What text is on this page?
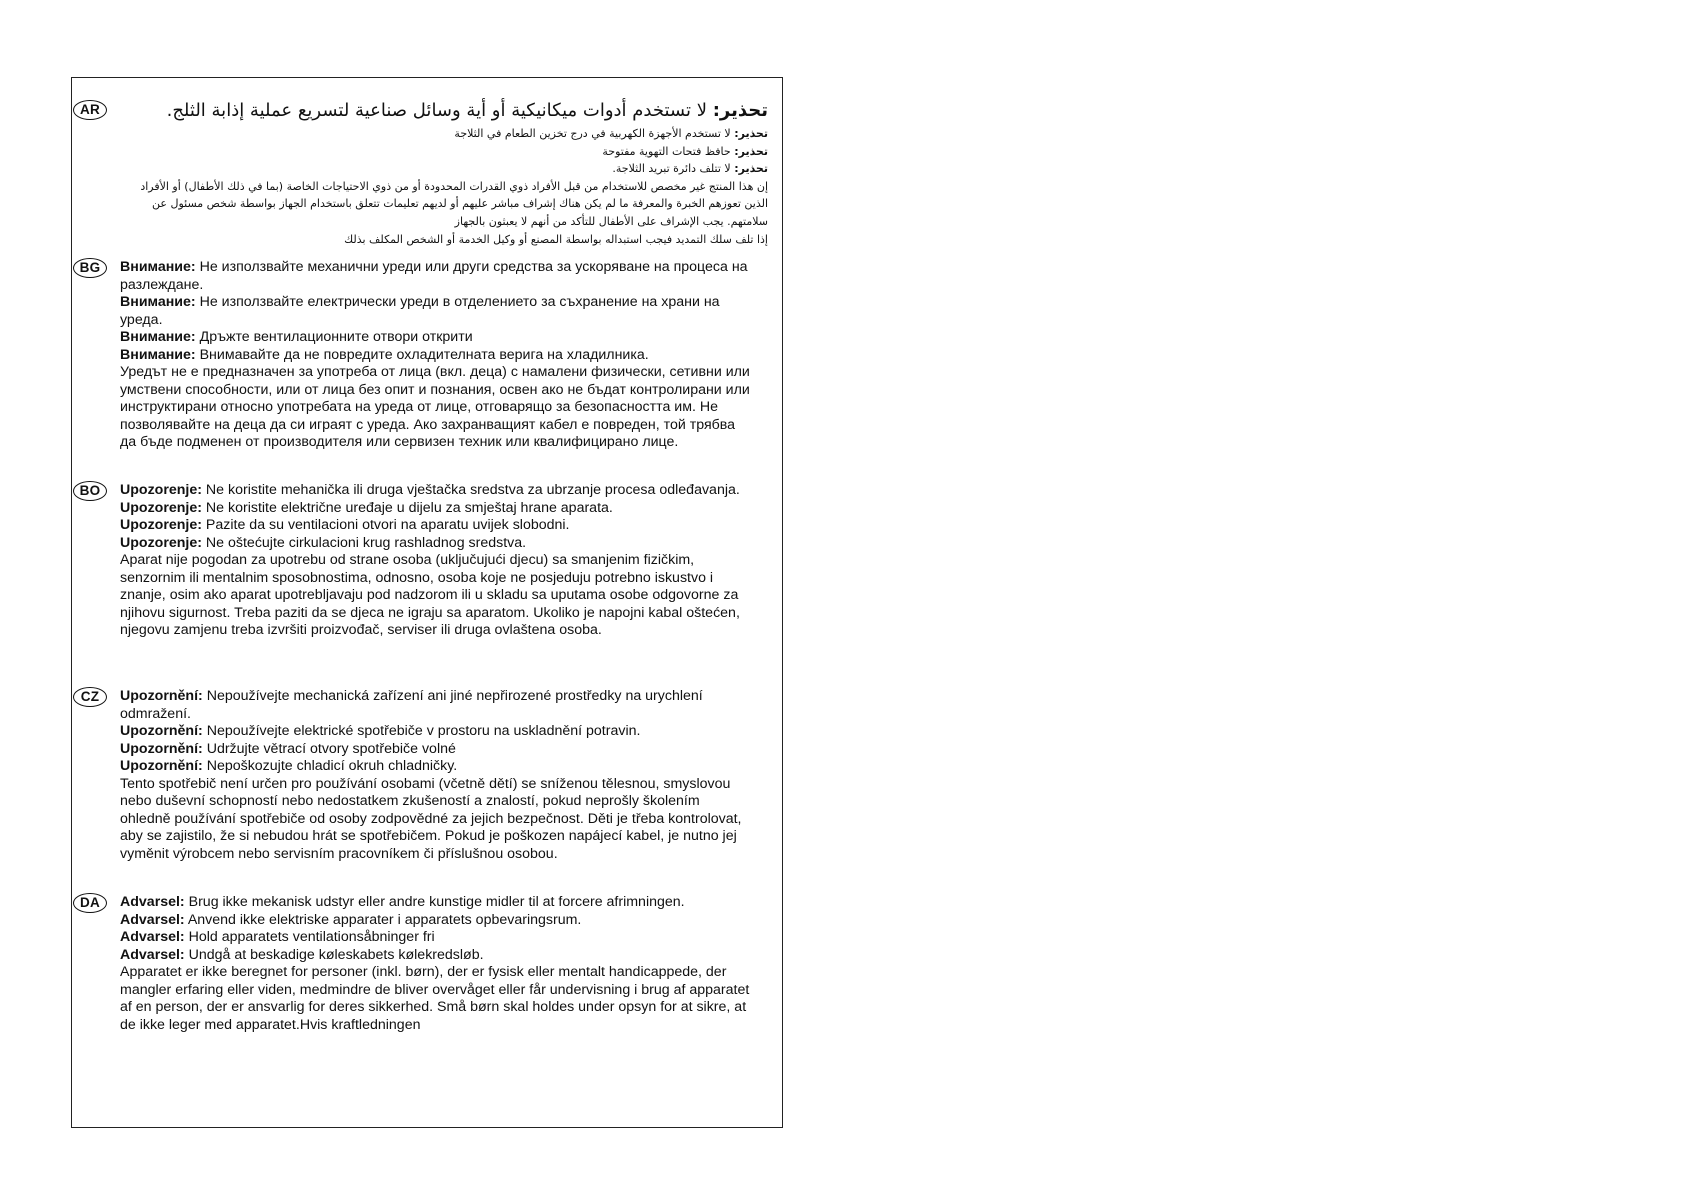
AR	تحذير: لا تستخدم أدوات ميكانيكية أو أية وسائل صناعية لتسريع عملية إذابة الثلج.

تحذير: لا تستخدم الأجهزة الكهربية في درج تخزين الطعام في الثلاجة

تحذير: حافظ فتحات التهوية مفتوحة

تحذير: لا تتلف دائرة تبريد الثلاجة.

إن هذا المنتج غير مخصص للاستخدام من قبل الأفراد ذوي القدرات المحدودة أو من ذوي الاحتياجات الخاصة (بما في ذلك الأطفال) أو الأفراد الذين تعوزهم الخبرة والمعرفة ما لم يكن هناك إشراف مباشر عليهم أو لديهم تعليمات تتعلق باستخدام الجهاز بواسطة شخص مسئول عن سلامتهم. يجب الإشراف على الأطفال للتأكد من أنهم لا يعبثون بالجهاز

إذا تلف سلك التمديد فيجب استبداله بواسطة المصنع أو وكيل الخدمة أو الشخص المكلف بذلك

BG	Внимание: Не използвайте механични уреди или други средства за ускоряване на процеса на разлеждане.

Внимание: Не използвайте електрически уреди в отделението за съхранение на храни на уреда.

Внимание: Дръжте вентилационните отвори открити

Внимание: Внимавайте да не повредите охладителната верига на хладилника.

Уредът не е предназначен за употреба от лица (вкл. деца) с намалени физически, сетивни или умствени способности, или от лица без опит и познания, освен ако не бъдат контролирани или инструктирани относно употребата на уреда от лице, отговарящо за безопасността им. Не позволявайте на деца да си играят с уреда. Ако захранващият кабел е повреден, той трябва да бъде подменен от производителя или сервизен техник или квалифицирано лице.

BO	Upozorenje: Ne koristite mehanička ili druga vještačka sredstva za ubrzanje procesa odleđavanja.

Upozorenje: Ne koristite električne uređaje u dijelu za smještaj hrane aparata.

Upozorenje: Pazite da su ventilacioni otvori na aparatu uvijek slobodni.

Upozorenje: Ne oštećujte cirkulacioni krug rashladnog sredstva.

Aparat nije pogodan za upotrebu od strane osoba (uključujući djecu) sa smanjenim fizičkim, senzornim ili mentalnim sposobnostima, odnosno, osoba koje ne posjeduju potrebno iskustvo i znanje, osim ako aparat upotrebljavaju pod nadzorom ili u skladu sa uputama osobe odgovorne za njihovu sigurnost. Treba paziti da se djeca ne igraju sa aparatom. Ukoliko je napojni kabal oštećen, njegovu zamjenu treba izvršiti proizvođač, serviser ili druga ovlaštena osoba.

CZ	Upozornění: Nepoužívejte mechanická zařízení ani jiné nepřirozené prostředky na urychlení odmražení.

Upozornění: Nepoužívejte elektrické spotřebiče v prostoru na uskladnění potravin.

Upozornění: Udržujte větrací otvory spotřebiče volné

Upozornění: Nepoškozujte chladicí okruh chladničky.

Tento spotřebič není určen pro používání osobami (včetně dětí) se sníženou tělesnou, smyslovou nebo duševní schopností nebo nedostatkem zkušeností a znalostí, pokud neprošly školením ohledně používání spotřebiče od osoby zodpovědné za jejich bezpečnost. Děti je třeba kontrolovat, aby se zajistilo, že si nebudou hrát se spotřebičem. Pokud je poškozen napájecí kabel, je nutno jej vyměnit výrobcem nebo servisním pracovníkem či příslušnou osobou.

DA	Advarsel: Brug ikke mekanisk udstyr eller andre kunstige midler til at forcere afrimningen.

Advarsel: Anvend ikke elektriske apparater i apparatets opbevaringsrum.

Advarsel: Hold apparatets ventilationsåbninger fri

Advarsel: Undgå at beskadige køleskabets kølekredsløb.

Apparatet er ikke beregnet for personer (inkl. børn), der er fysisk eller mentalt handicappede, der mangler erfaring eller viden, medmindre de bliver overvåget eller får undervisning i brug af apparatet af en person, der er ansvarlig for deres sikkerhed. Små børn skal holdes under opsyn for at sikre, at de ikke leger med apparatet.Hvis kraftledningen
